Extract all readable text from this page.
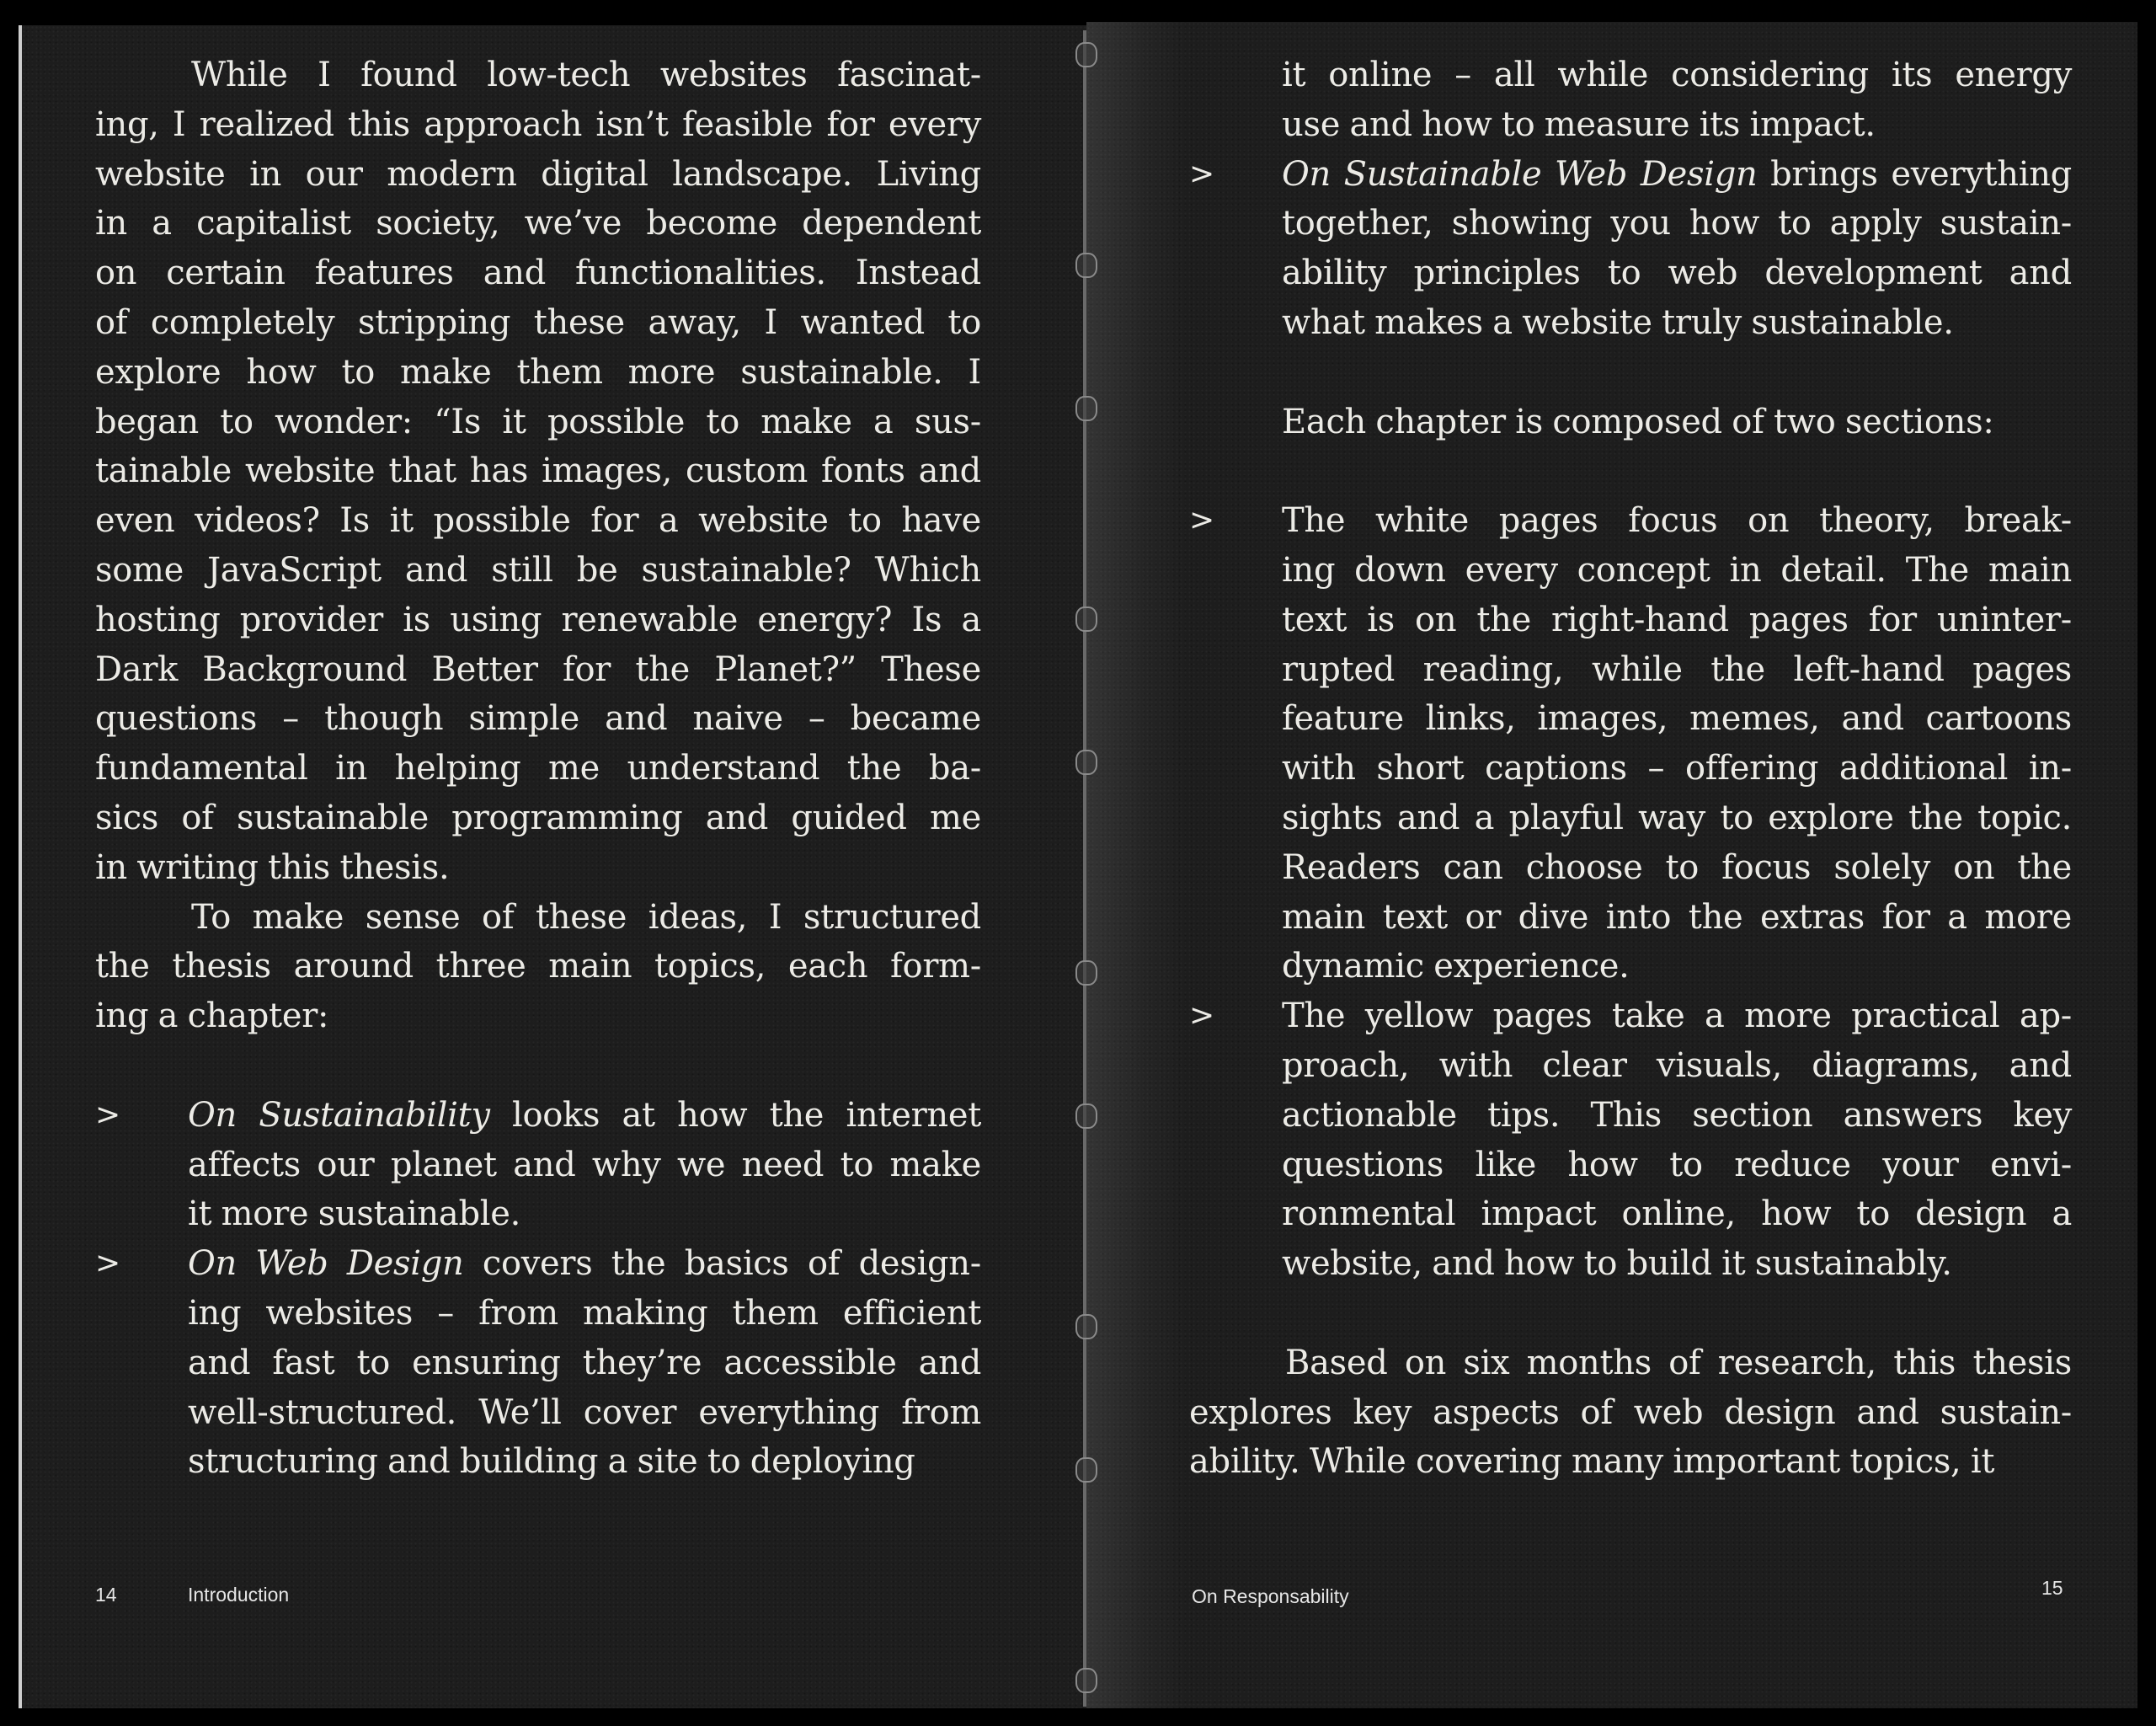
While I found low-tech websites fascinat-
ing, I realized this approach isn’t feasible for every
website in our modern digital landscape. Living
in a capitalist society, we’ve become dependent
on certain features and functionalities. Instead
of completely stripping these away, I wanted to
explore how to make them more sustainable. I
began to wonder: “Is it possible to make a sus-
tainable website that has images, custom fonts and
even videos? Is it possible for a website to have
some JavaScript and still be sustainable? Which
hosting provider is using renewable energy? Is a
Dark Background Better for the Planet?” These
questions – though simple and naive – became
fundamental in helping me understand the ba-
sics of sustainable programming and guided me
in writing this thesis.
To make sense of these ideas, I structured
the thesis around three main topics, each form-
ing a chapter:
> On Sustainability looks at how the internet
affects our planet and why we need to make
it more sustainable.
> On Web Design covers the basics of design-
ing websites – from making them efficient
and fast to ensuring they’re accessible and
well-structured. We’ll cover everything from
structuring and building a site to deploying
14	Introduction
it online – all while considering its energy
use and how to measure its impact.
> On Sustainable Web Design brings everything
together, showing you how to apply sustain-
ability principles to web development and
what makes a website truly sustainable.
Each chapter is composed of two sections:
> The white pages focus on theory, break-
ing down every concept in detail. The main
text is on the right-hand pages for uninter-
rupted reading, while the left-hand pages
feature links, images, memes, and cartoons
with short captions – offering additional in-
sights and a playful way to explore the topic.
Readers can choose to focus solely on the
main text or dive into the extras for a more
dynamic experience.
> The yellow pages take a more practical ap-
proach, with clear visuals, diagrams, and
actionable tips. This section answers key
questions like how to reduce your envi-
ronmental impact online, how to design a
website, and how to build it sustainably.
Based on six months of research, this thesis
explores key aspects of web design and sustain-
ability. While covering many important topics, it
On Responsability	15
